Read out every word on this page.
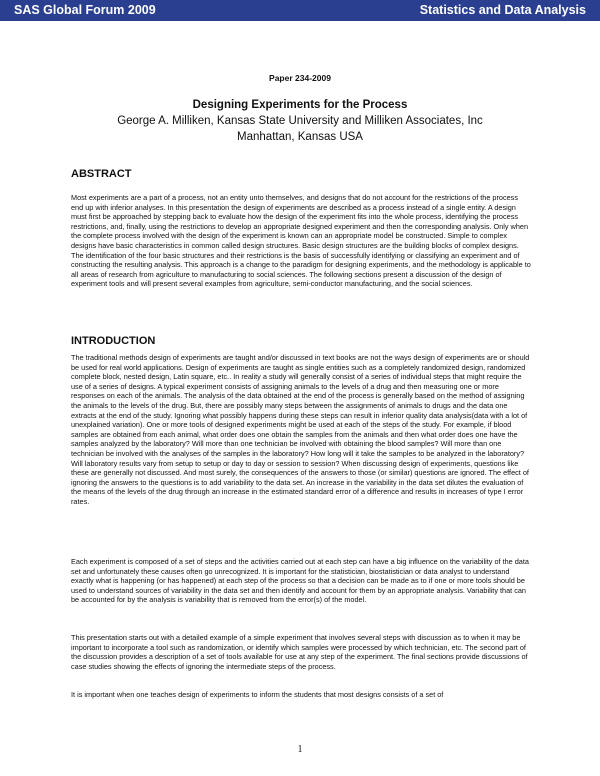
SAS Global Forum 2009	Statistics and Data Analysis
Paper 234-2009
Designing Experiments for the Process
George A. Milliken, Kansas State University and Milliken Associates, Inc
Manhattan, Kansas USA
ABSTRACT

Most experiments are a part of a process, not an entity unto themselves, and designs that do not account for the restrictions of the process end up with inferior analyses. In this presentation the design of experiments are described as a process instead of a single entity. A design must first be approached by stepping back to evaluate how the design of the experiment fits into the whole process, identifying the process restrictions, and, finally, using the restrictions to develop an appropriate designed experiment and then the corresponding analysis. Only when the complete process involved with the design of the experiment is known can an appropriate model be constructed. Simple to complex designs have basic characteristics in common called design structures. Basic design structures are the building blocks of complex designs. The identification of the four basic structures and their restrictions is the basis of successfully identifying or classifying an experiment and of constructing the resulting analysis. This approach is a change to the paradigm for designing experiments, and the methodology is applicable to all areas of research from agriculture to manufacturing to social sciences. The following sections present a discussion of the design of experiment tools and will present several examples from agriculture, semi-conductor manufacturing, and the social sciences.

INTRODUCTION

The traditional methods design of experiments are taught and/or discussed in text books are not the ways design of experiments are or should be used for real world applications. Design of experiments are taught as single entities such as a completely randomized design, randomized complete block, nested design, Latin square, etc.. In reality a study will generally consist of a series of individual steps that might require the use of a series of designs. A typical experiment consists of assigning animals to the levels of a drug and then measuring one or more responses on each of the animals. The analysis of the data obtained at the end of the process is generally based on the method of assigning the animals to the levels of the drug. But, there are possibly many steps between the assignments of animals to drugs and the data one extracts at the end of the study. Ignoring what possibly happens during these steps can result in inferior quality data analysis(data with a lot of unexplained variation). One or more tools of designed experiments might be used at each of the steps of the study. For example, if blood samples are obtained from each animal, what order does one obtain the samples from the animals and then what order does one have the samples analyzed by the laboratory? Will more than one technician be involved with obtaining the blood samples? Will more than one technician be involved with the analyses of the samples in the laboratory? How long will it take the samples to be analyzed in the laboratory? Will laboratory results vary from setup to setup or day to day or session to session? When discussing design of experiments, questions like these are generally not discussed. And most surely, the consequences of the answers to those (or similar) questions are ignored. The effect of ignoring the answers to the questions is to add variability to the data set. An increase in the variability in the data set dilutes the evaluation of the means of the levels of the drug through an increase in the estimated standard error of a difference and results in increases of type I error rates.

Each experiment is composed of a set of steps and the activities carried out at each step can have a big influence on the variability of the data set and unfortunately these causes often go unrecognized. It is important for the statistician, biostatistician or data analyst to understand exactly what is happening (or has happened) at each step of the process so that a decision can be made as to if one or more tools should be used to understand sources of variability in the data set and then identify and account for them by an appropriate analysis. Variability that can be accounted for by the analysis is variability that is removed from the error(s) of the model.

This presentation starts out with a detailed example of a simple experiment that involves several steps with discussion as to when it may be important to incorporate a tool such as randomization, or identify which samples were processed by which technician, etc. The second part of the discussion provides a description of a set of tools available for use at any step of the experiment. The final sections provide discussions of case studies showing the effects of ignoring the intermediate steps of the process.

It is important when one teaches design of experiments to inform the students that most designs consists of a set of

1
